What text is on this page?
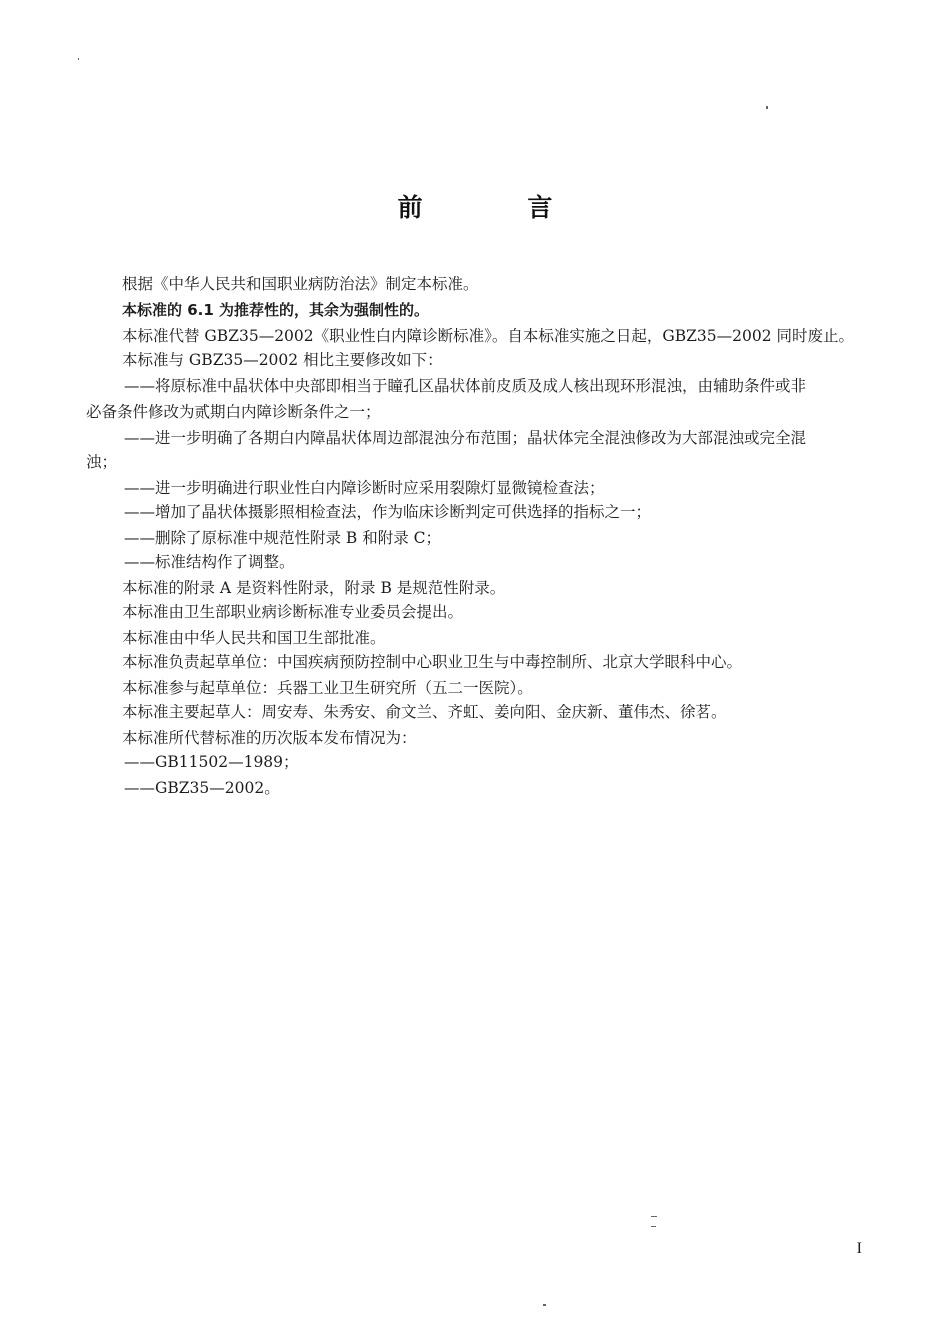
前 言
根据《中华人民共和国职业病防治法》制定本标准。
本标准的 6.1 为推荐性的，其余为强制性的。
本标准代替 GBZ35—2002《职业性白内障诊断标准》。自本标准实施之日起，GBZ35—2002 同时废止。
本标准与 GBZ35—2002 相比主要修改如下：
——将原标准中晶状体中央部即相当于瞳孔区晶状体前皮质及成人核出现环形混浊，由辅助条件或非
必备条件修改为贰期白内障诊断条件之一；
——进一步明确了各期白内障晶状体周边部混浊分布范围；晶状体完全混浊修改为大部混浊或完全混
浊；
——进一步明确进行职业性白内障诊断时应采用裂隙灯显微镜检查法；
——增加了晶状体摄影照相检查法，作为临床诊断判定可供选择的指标之一；
——删除了原标准中规范性附录 B 和附录 C；
——标准结构作了调整。
本标准的附录 A 是资料性附录，附录 B 是规范性附录。
本标准由卫生部职业病诊断标准专业委员会提出。
本标准由中华人民共和国卫生部批准。
本标准负责起草单位：中国疾病预防控制中心职业卫生与中毒控制所、北京大学眼科中心。
本标准参与起草单位：兵器工业卫生研究所（五二一医院）。
本标准主要起草人：周安寿、朱秀安、俞文兰、齐虹、姜向阳、金庆新、董伟杰、徐茗。
本标准所代替标准的历次版本发布情况为：
——GB11502—1989；
——GBZ35—2002。
I
